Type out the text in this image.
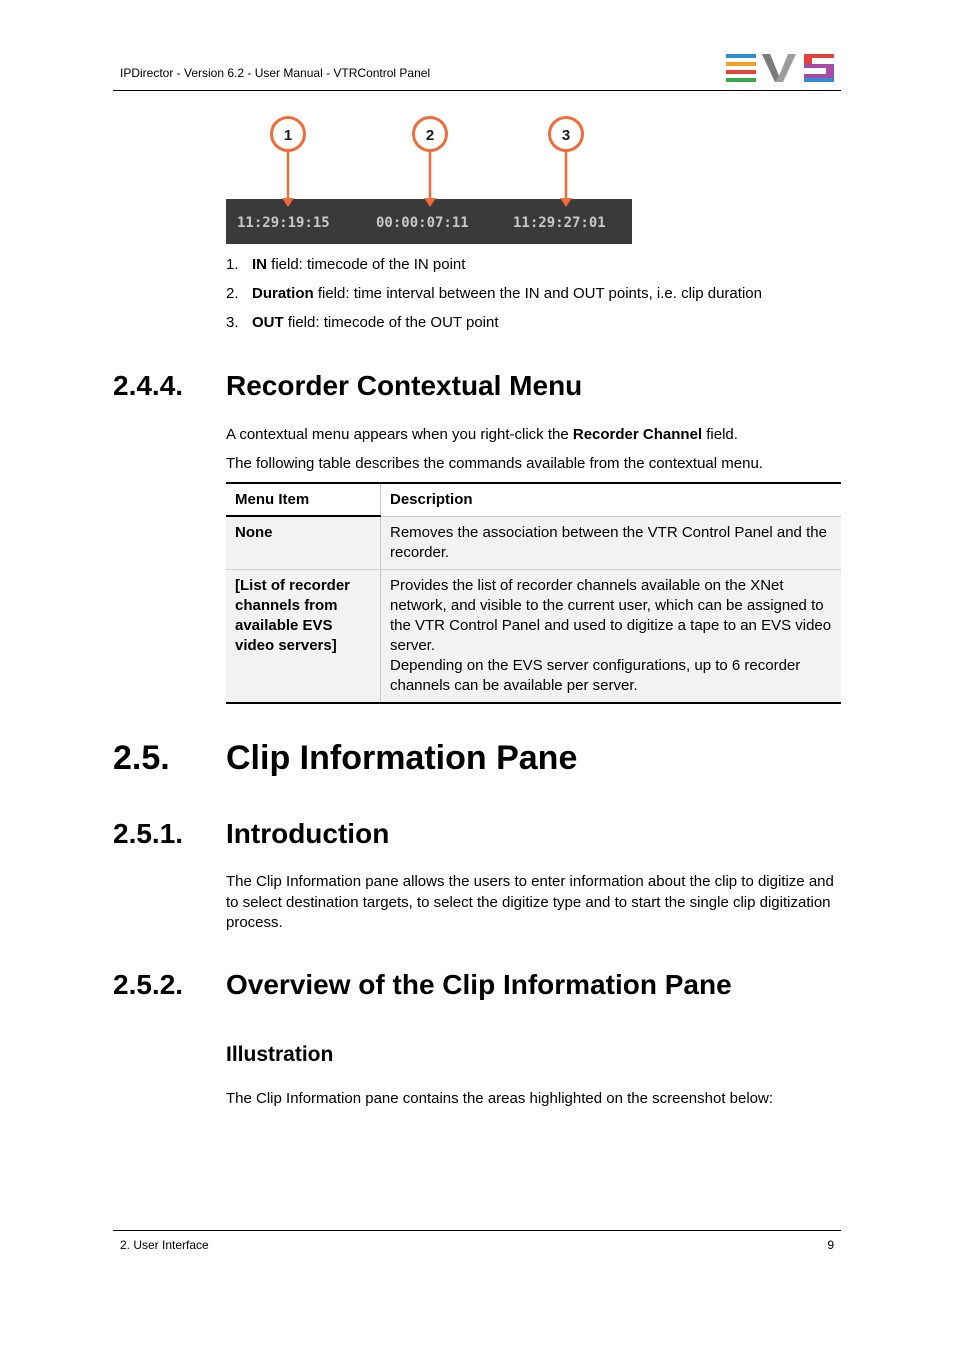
IPDirector - Version 6.2 - User Manual - VTRControl Panel
1	2	3
11:29:19:15	00:00:07:11	11:29:27:01
1. IN field: timecode of the IN point
2. Duration field: time interval between the IN and OUT points, i.e. clip duration
3. OUT field: timecode of the OUT point
2.4.4. Recorder Contextual Menu
A contextual menu appears when you right-click the Recorder Channel field.
The following table describes the commands available from the contextual menu.
Menu Item	Description
None	Removes the association between the VTR Control Panel and the recorder.
[List of recorder channels from available EVS video servers]	Provides the list of recorder channels available on the XNet network, and visible to the current user, which can be assigned to the VTR Control Panel and used to digitize a tape to an EVS video server.
Depending on the EVS server configurations, up to 6 recorder channels can be available per server.
2.5. Clip Information Pane
2.5.1. Introduction
The Clip Information pane allows the users to enter information about the clip to digitize and to select destination targets, to select the digitize type and to start the single clip digitization process.
2.5.2. Overview of the Clip Information Pane
Illustration
The Clip Information pane contains the areas highlighted on the screenshot below:
2. User Interface	9
